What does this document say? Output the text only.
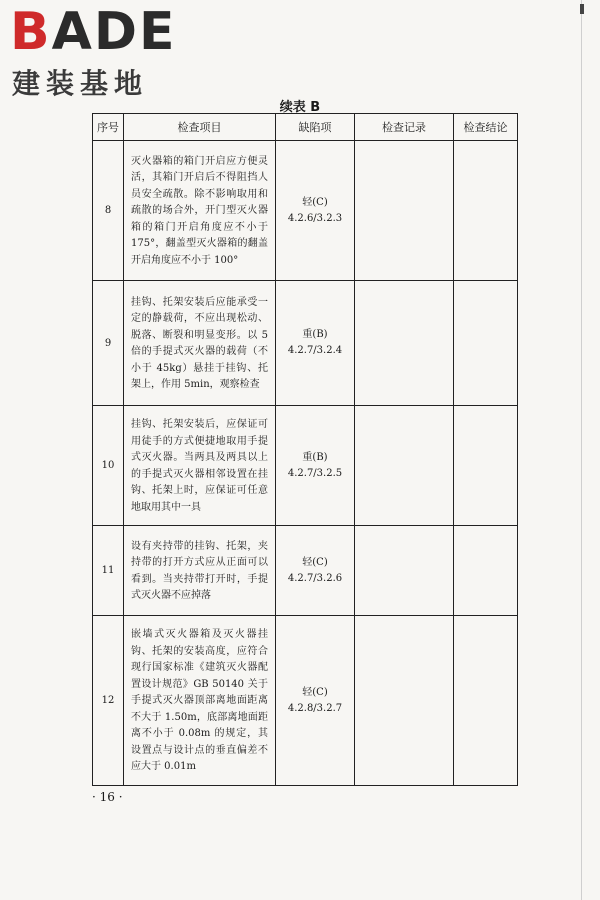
BADE
建装基地
续表 B
序号	检查项目	缺陷项	检查记录	检查结论
8	灭火器箱的箱门开启应方便灵活，其箱门开启后不得阻挡人员安全疏散。除不影响取用和疏散的场合外，开门型灭火器箱的箱门开启角度应不小于 175°，翻盖型灭火器箱的翻盖开启角度应不小于 100°	轻(C)
4.2.6/3.2.3		

9	挂钩、托架安装后应能承受一定的静载荷，不应出现松动、脱落、断裂和明显变形。以 5 倍的手提式灭火器的载荷（不小于 45kg）悬挂于挂钩、托架上，作用 5min，观察检查	重(B)
4.2.7/3.2.4		

10	挂钩、托架安装后，应保证可用徒手的方式便捷地取用手提式灭火器。当两具及两具以上的手提式灭火器相邻设置在挂钩、托架上时，应保证可任意地取用其中一具	重(B)
4.2.7/3.2.5		

11	设有夹持带的挂钩、托架，夹持带的打开方式应从正面可以看到。当夹持带打开时，手提式灭火器不应掉落	轻(C)
4.2.7/3.2.6		

12	嵌墙式灭火器箱及灭火器挂钩、托架的安装高度，应符合现行国家标准《建筑灭火器配置设计规范》GB 50140 关于手提式灭火器顶部离地面距离不大于 1.50m，底部离地面距离不小于 0.08m 的规定，其设置点与设计点的垂直偏差不应大于 0.01m	轻(C)
4.2.8/3.2.7		

· 16 ·
